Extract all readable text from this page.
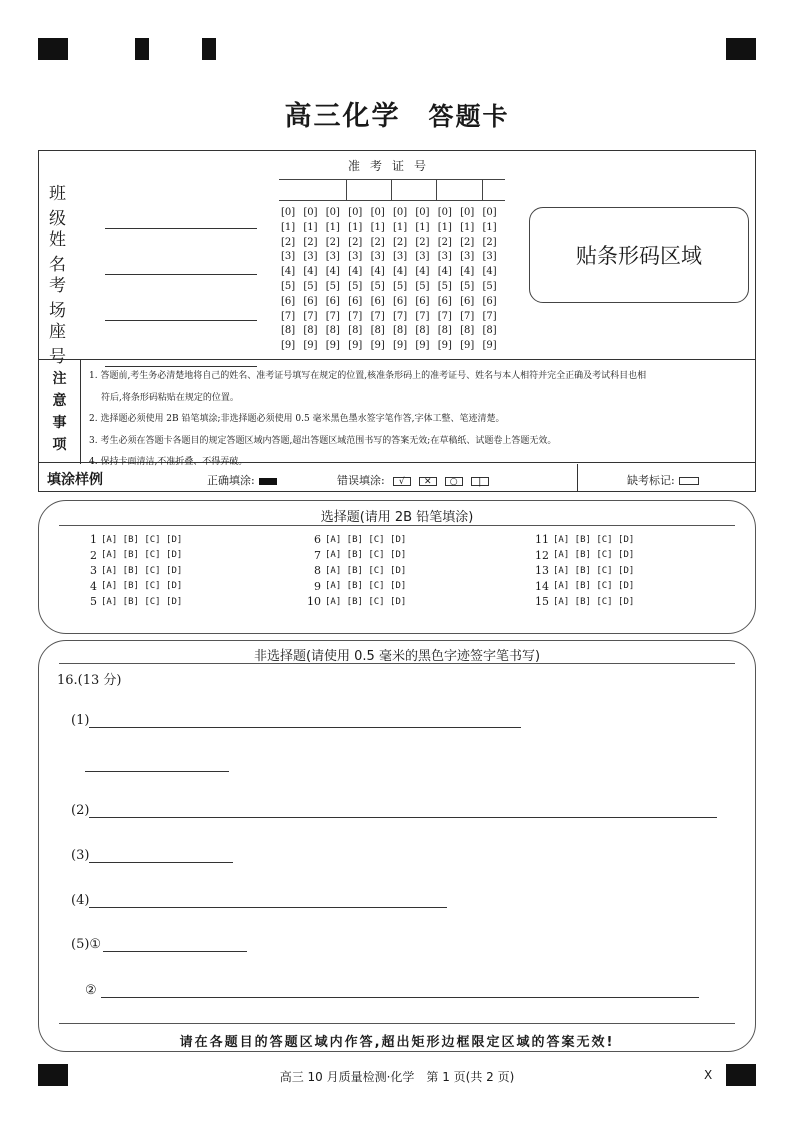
高三化学 答题卡
班级
姓名
考场
座号
准考证号
[0] [0] [0] [0] [0] [0] [0] [0] [0] [0]
[1] [1] [1] [1] [1] [1] [1] [1] [1] [1]
[2] [2] [2] [2] [2] [2] [2] [2] [2] [2]
[3] [3] [3] [3] [3] [3] [3] [3] [3] [3]
[4] [4] [4] [4] [4] [4] [4] [4] [4] [4]
[5] [5] [5] [5] [5] [5] [5] [5] [5] [5]
[6] [6] [6] [6] [6] [6] [6] [6] [6] [6]
[7] [7] [7] [7] [7] [7] [7] [7] [7] [7]
[8] [8] [8] [8] [8] [8] [8] [8] [8] [8]
[9] [9] [9] [9] [9] [9] [9] [9] [9] [9]
贴条形码区域
注
意
事
项

1. 答题前,考生务必清楚地将自己的姓名、准考证号填写在规定的位置,核准条形码上的准考证号、姓名与本人相符并完全正确及考试科目也相

符后,将条形码粘贴在规定的位置。

2. 选择题必须使用 2B 铅笔填涂;非选择题必须使用 0.5 毫米黑色墨水签字笔作答,字体工整、笔迹清楚。

3. 考生必须在答题卡各题目的规定答题区域内答题,超出答题区域范围书写的答案无效;在草稿纸、试题卷上答题无效。

4. 保持卡面清洁,不准折叠、不得弄破。

填涂样例	正确填涂:	错误填涂: √ ✕ ○ |	缺考标记:
选择题(请用 2B 铅笔填涂)
1 [A] [B] [C] [D]
2 [A] [B] [C] [D]
3 [A] [B] [C] [D]
4 [A] [B] [C] [D]
5 [A] [B] [C] [D]
6 [A] [B] [C] [D]
7 [A] [B] [C] [D]
8 [A] [B] [C] [D]
9 [A] [B] [C] [D]
10 [A] [B] [C] [D]
11 [A] [B] [C] [D]
12 [A] [B] [C] [D]
13 [A] [B] [C] [D]
14 [A] [B] [C] [D]
15 [A] [B] [C] [D]
非选择题(请使用 0.5 毫米的黑色字迹签字笔书写)
16.(13 分)
(1)
(2)
(3)
(4)
(5)①
②
请在各题目的答题区域内作答,超出矩形边框限定区域的答案无效!
高三 10 月质量检测·化学　第 1 页(共 2 页)	X
